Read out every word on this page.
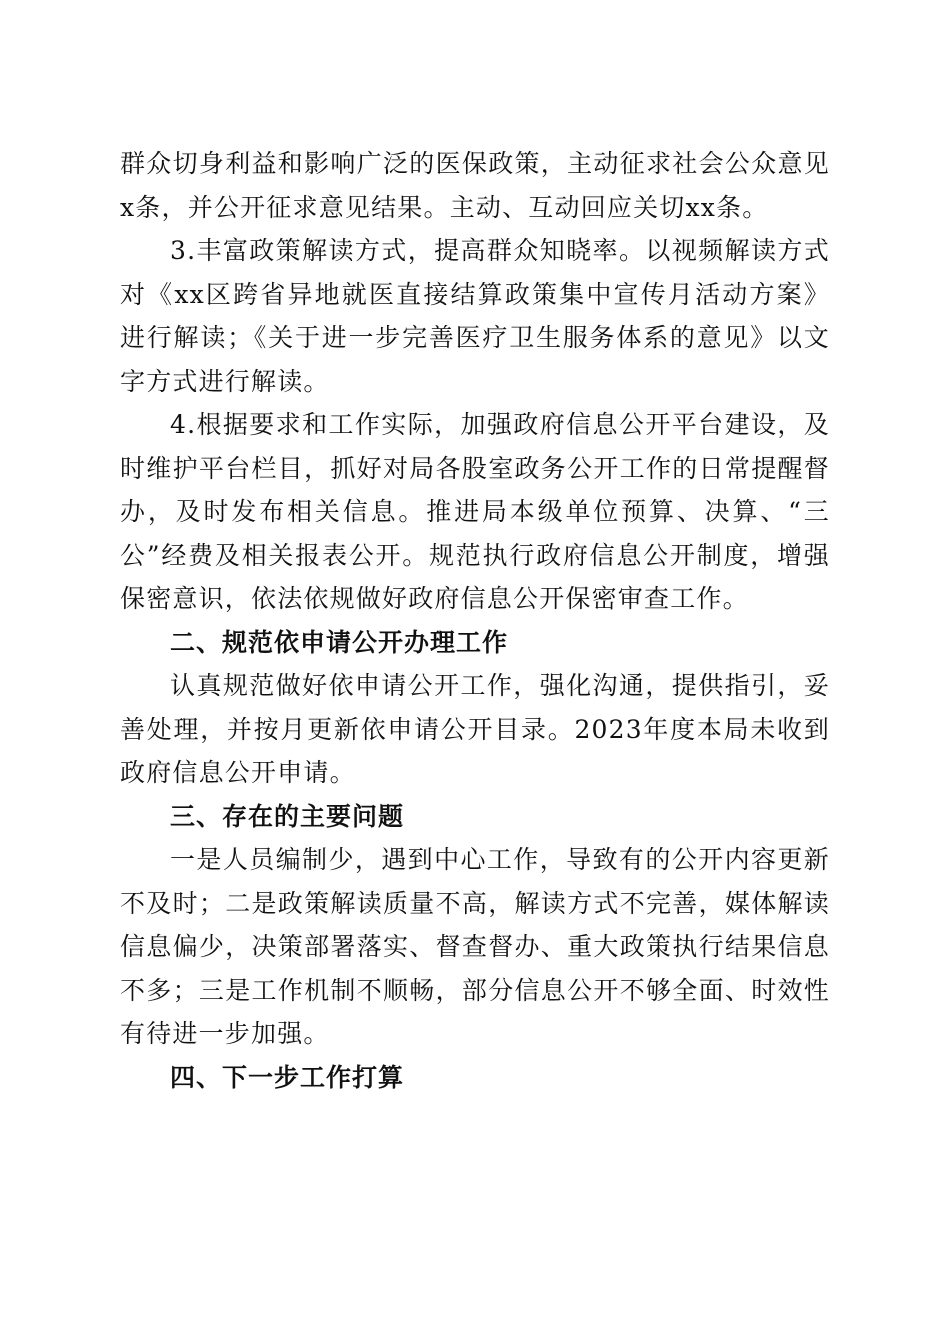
群众切身利益和影响广泛的医保政策，主动征求社会公众意见x条，并公开征求意见结果。主动、互动回应关切xx条。

3.丰富政策解读方式，提高群众知晓率。以视频解读方式对《xx区跨省异地就医直接结算政策集中宣传月活动方案》进行解读；《关于进一步完善医疗卫生服务体系的意见》以文字方式进行解读。

4.根据要求和工作实际，加强政府信息公开平台建设，及时维护平台栏目，抓好对局各股室政务公开工作的日常提醒督办，及时发布相关信息。推进局本级单位预算、决算、“三公”经费及相关报表公开。规范执行政府信息公开制度，增强保密意识，依法依规做好政府信息公开保密审查工作。

二、规范依申请公开办理工作

认真规范做好依申请公开工作，强化沟通，提供指引，妥善处理，并按月更新依申请公开目录。2023年度本局未收到政府信息公开申请。

三、存在的主要问题

一是人员编制少，遇到中心工作，导致有的公开内容更新不及时；二是政策解读质量不高，解读方式不完善，媒体解读信息偏少，决策部署落实、督查督办、重大政策执行结果信息不多；三是工作机制不顺畅，部分信息公开不够全面、时效性有待进一步加强。

四、下一步工作打算
